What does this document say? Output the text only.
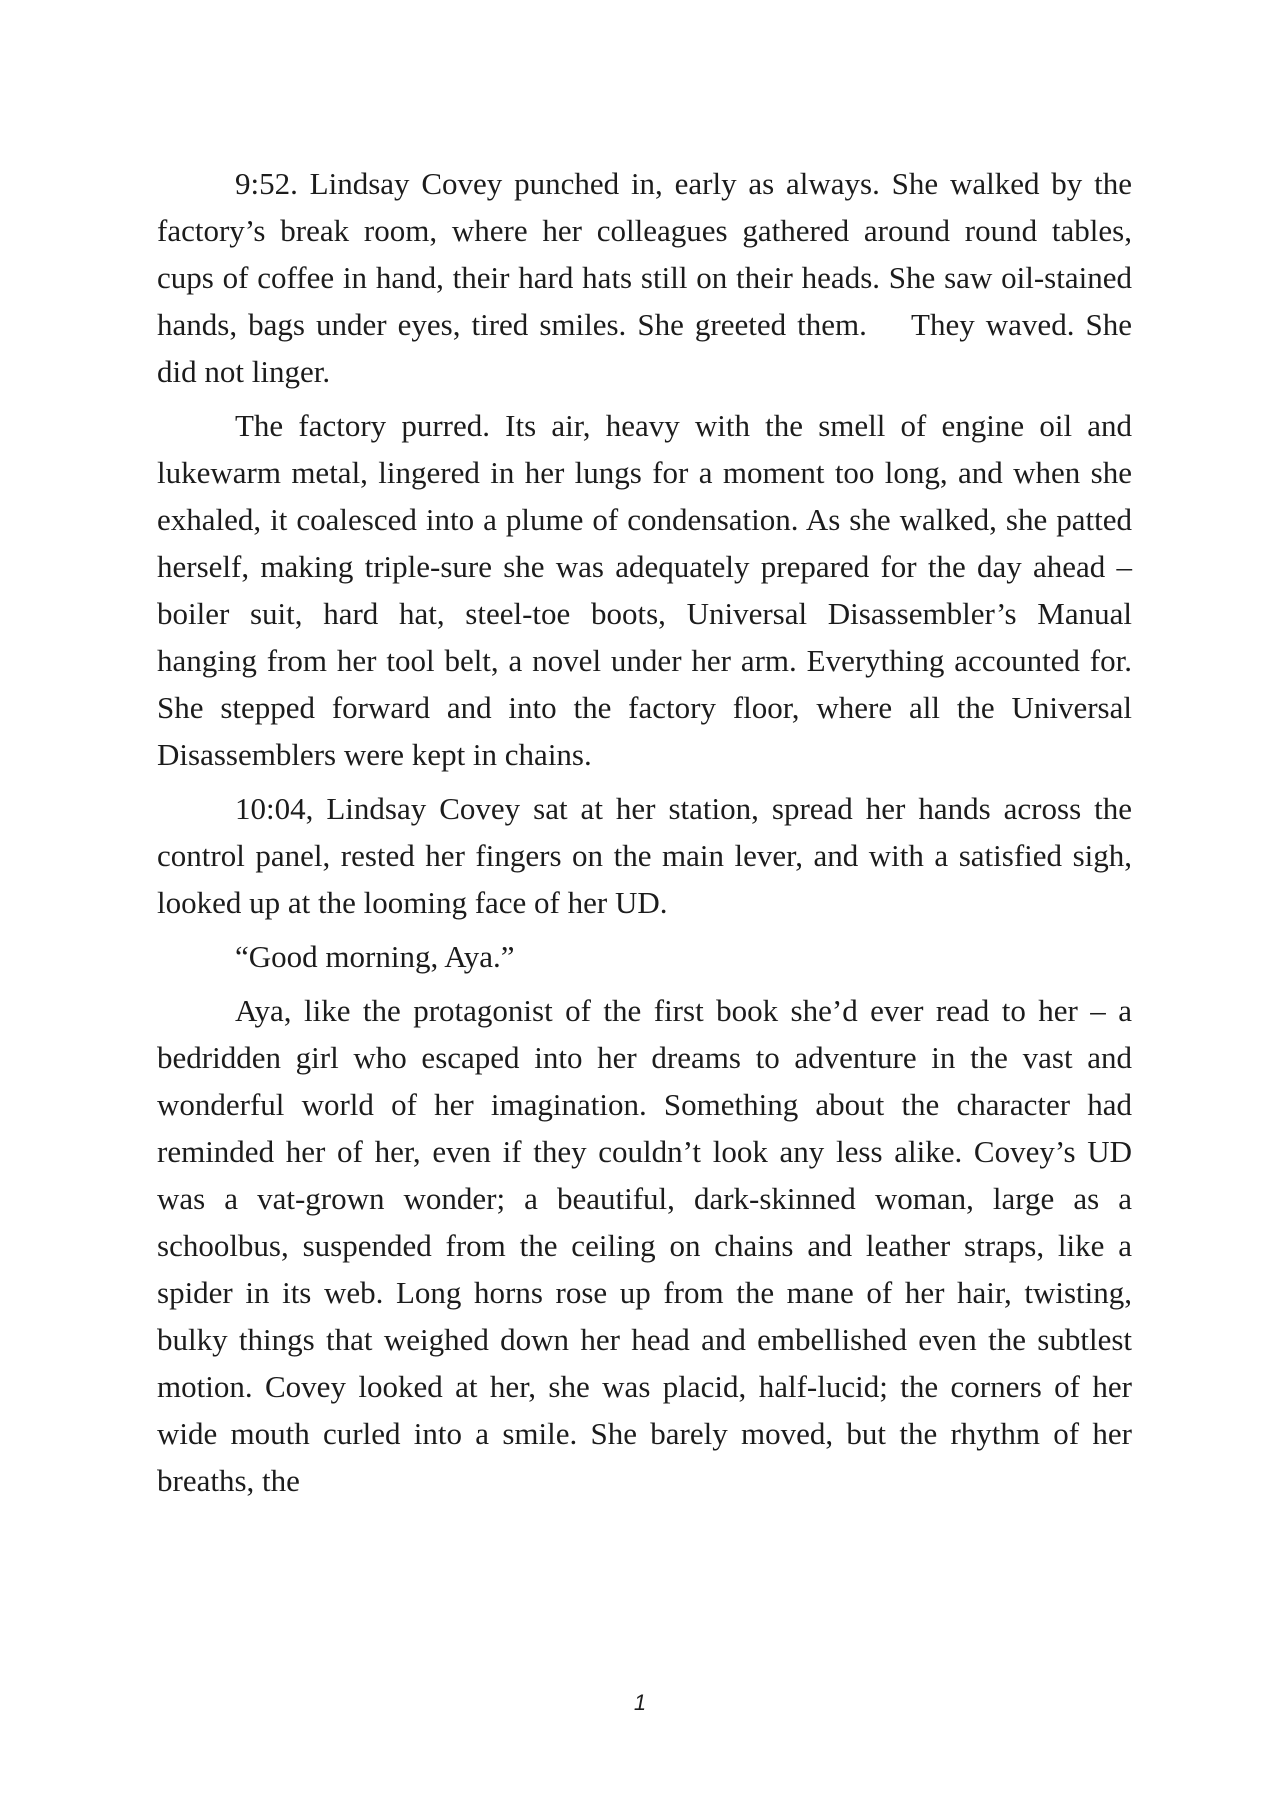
9:52. Lindsay Covey punched in, early as always. She walked by the factory’s break room, where her colleagues gathered around round tables, cups of coffee in hand, their hard hats still on their heads. She saw oil-stained hands, bags under eyes, tired smiles. She greeted them.    They waved. She did not linger.

The factory purred. Its air, heavy with the smell of engine oil and lukewarm metal, lingered in her lungs for a moment too long, and when she exhaled, it coalesced into a plume of condensation. As she walked, she patted herself, making triple-sure she was adequately prepared for the day ahead – boiler suit, hard hat, steel-toe boots, Universal Disassembler’s Manual hanging from her tool belt, a novel under her arm. Everything accounted for. She stepped forward and into the factory floor, where all the Universal Disassemblers were kept in chains.

10:04, Lindsay Covey sat at her station, spread her hands across the control panel, rested her fingers on the main lever, and with a satisfied sigh, looked up at the looming face of her UD.

“Good morning, Aya.”

Aya, like the protagonist of the first book she’d ever read to her – a bedridden girl who escaped into her dreams to adventure in the vast and wonderful world of her imagination. Something about the character had reminded her of her, even if they couldn’t look any less alike. Covey’s UD was a vat-grown wonder; a beautiful, dark-skinned woman, large as a schoolbus, suspended from the ceiling on chains and leather straps, like a spider in its web. Long horns rose up from the mane of her hair, twisting, bulky things that weighed down her head and embellished even the subtlest motion. Covey looked at her, she was placid, half-lucid; the corners of her wide mouth curled into a smile. She barely moved, but the rhythm of her breaths, the

1
